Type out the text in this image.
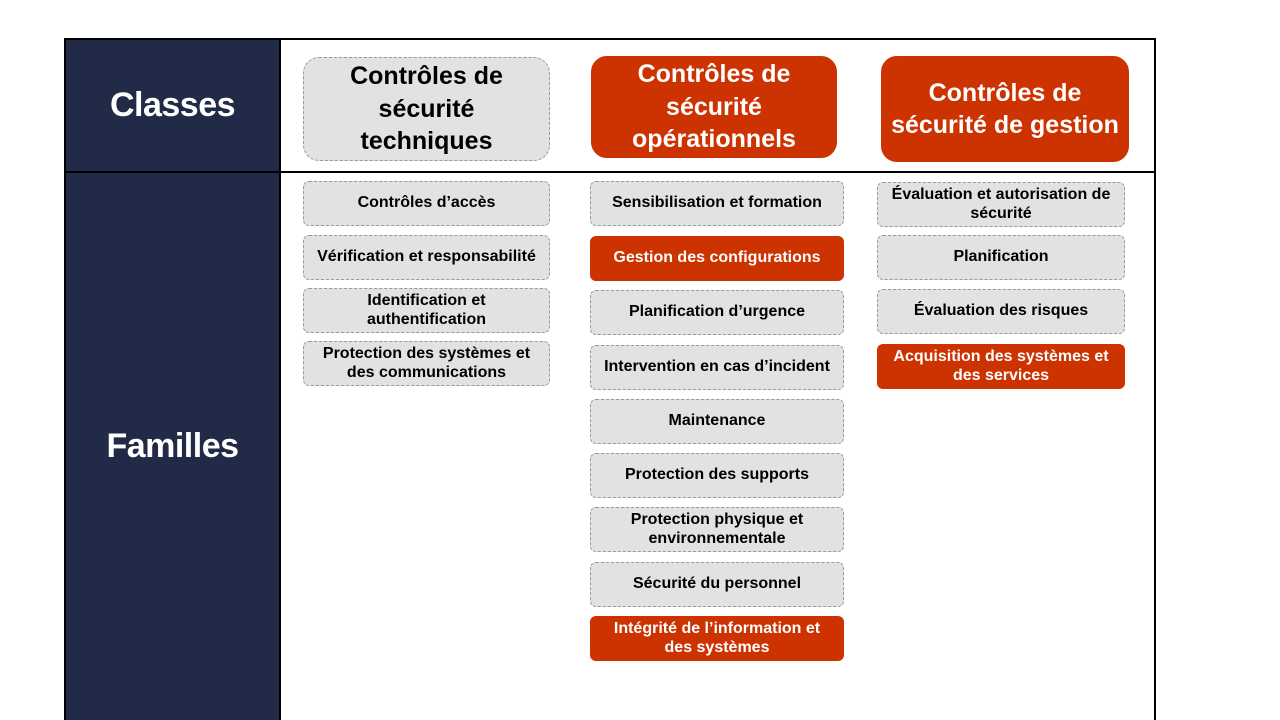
Classes
Familles
Contrôles de sécurité techniques
Contrôles de sécurité opérationnels
Contrôles de sécurité de gestion
Contrôles d’accès
Vérification et responsabilité
Identification et authentification
Protection des systèmes et des communications
Sensibilisation et formation
Gestion des configurations
Planification d’urgence
Intervention en cas d’incident
Maintenance
Protection des supports
Protection physique et environnementale
Sécurité du personnel
Intégrité de l’information et des systèmes
Évaluation et autorisation de sécurité
Planification
Évaluation des risques
Acquisition des systèmes et des services
